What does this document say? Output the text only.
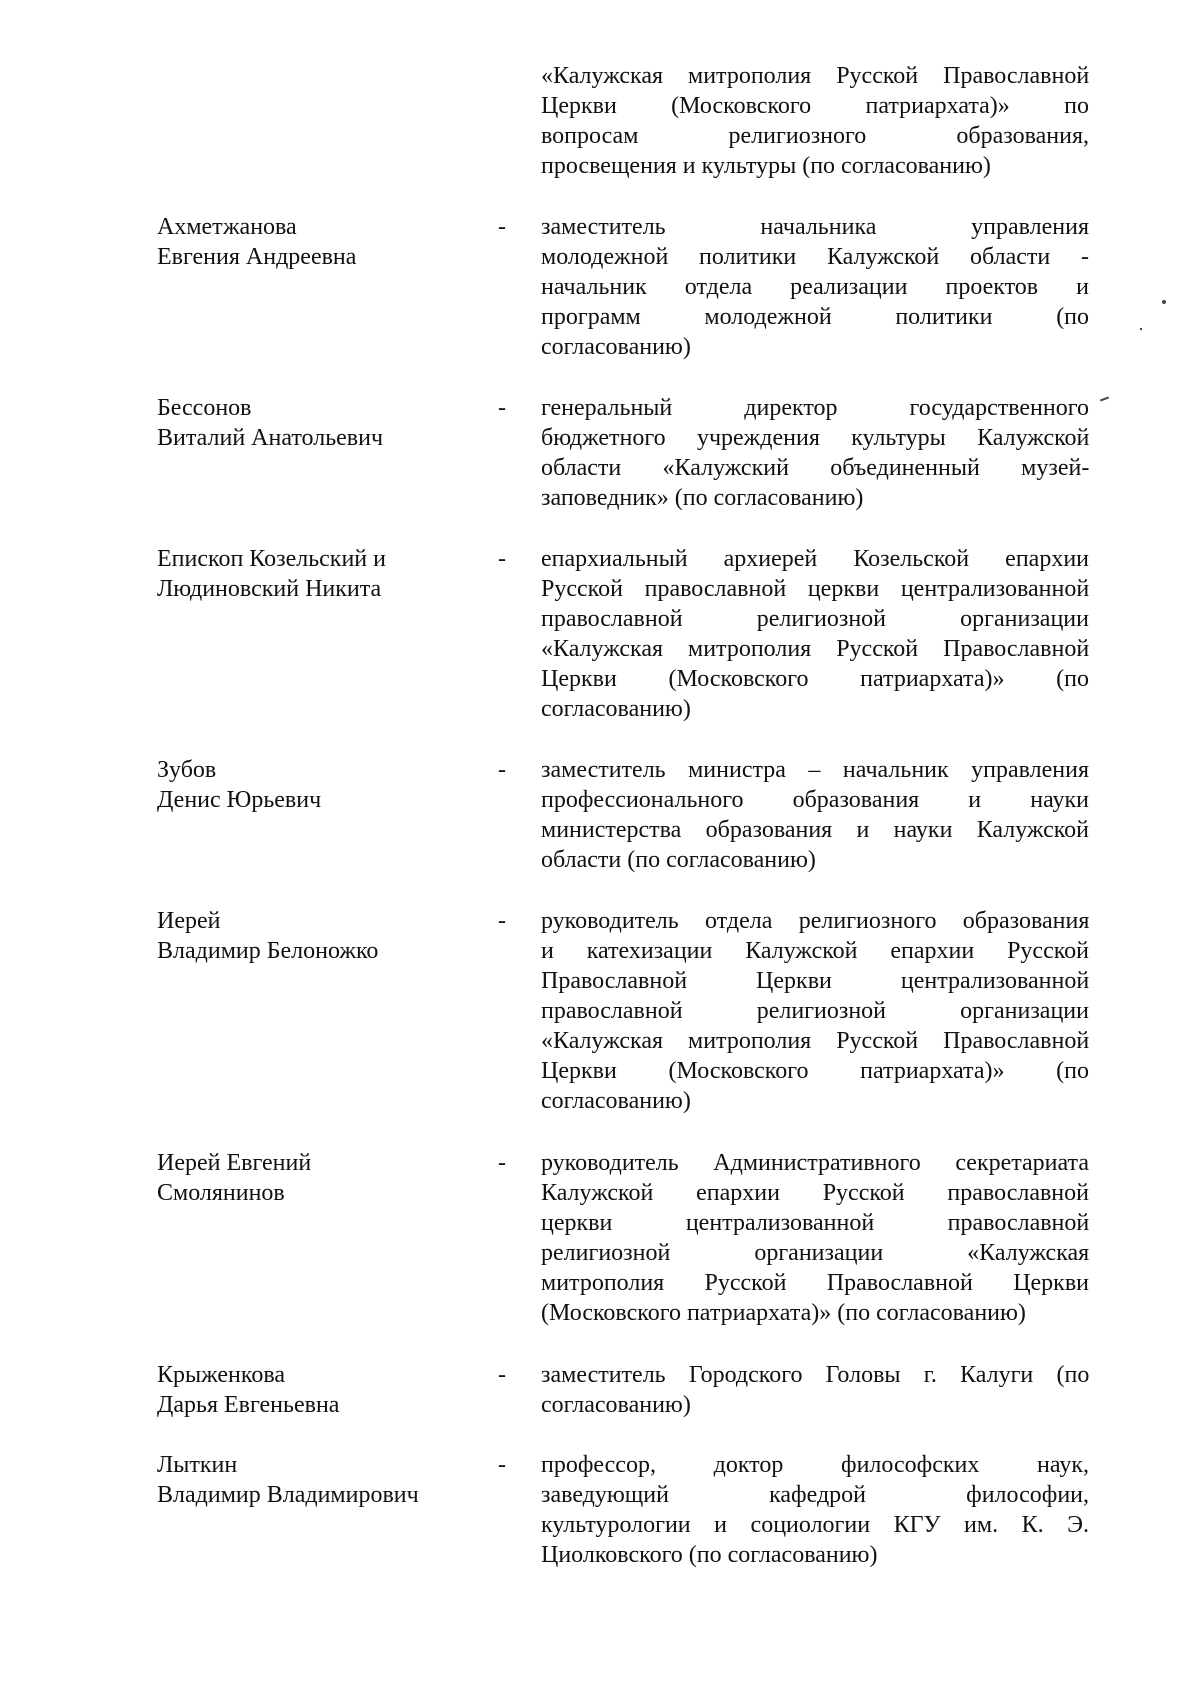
«Калужская митрополия Русской Православной
Церкви (Московского патриархата)» по
вопросам религиозного образования,
просвещения и культуры (по согласованию)
Ахметжанова
Евгения Андреевна
- заместитель начальника управления
молодежной политики Калужской области -
начальник отдела реализации проектов и
программ молодежной политики (по
согласованию)
Бессонов
Виталий Анатольевич
- генеральный директор государственного
бюджетного учреждения культуры Калужской
области «Калужский объединенный музей-
заповедник» (по согласованию)
Епископ Козельский и
Людиновский Никита
- епархиальный архиерей Козельской епархии
Русской православной церкви централизованной
православной религиозной организации
«Калужская митрополия Русской Православной
Церкви (Московского патриархата)» (по
согласованию)
Зубов
Денис Юрьевич
- заместитель министра – начальник управления
профессионального образования и науки
министерства образования и науки Калужской
области (по согласованию)
Иерей
Владимир Белоножко
- руководитель отдела религиозного образования
и катехизации Калужской епархии Русской
Православной Церкви централизованной
православной религиозной организации
«Калужская митрополия Русской Православной
Церкви (Московского патриархата)» (по
согласованию)
Иерей Евгений
Смолянинов
- руководитель Административного секретариата
Калужской епархии Русской православной
церкви централизованной православной
религиозной организации «Калужская
митрополия Русской Православной Церкви
(Московского патриархата)» (по согласованию)
Крыженкова
Дарья Евгеньевна
- заместитель Городского Головы г. Калуги (по
согласованию)
Лыткин
Владимир Владимирович
- профессор, доктор философских наук,
заведующий кафедрой философии,
культурологии и социологии КГУ им. К. Э.
Циолковского (по согласованию)
